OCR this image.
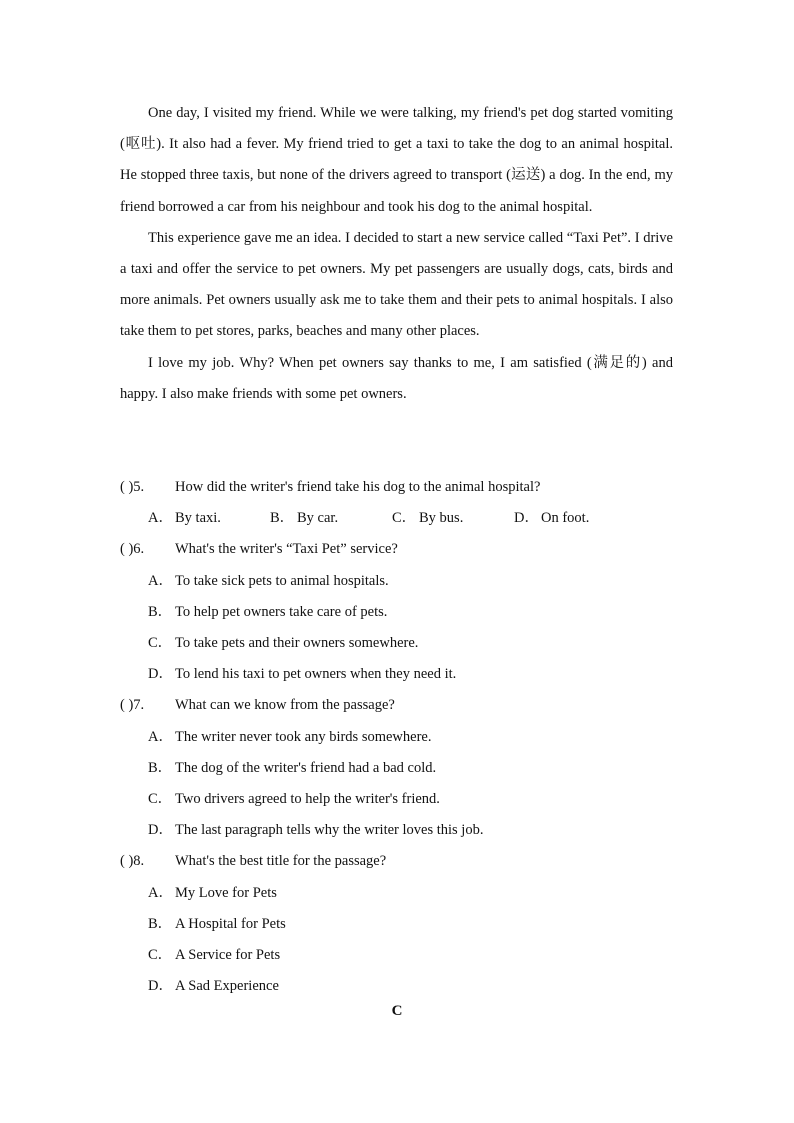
One day, I visited my friend. While we were talking, my friend's pet dog started vomiting (呕吐). It also had a fever. My friend tried to get a taxi to take the dog to an animal hospital. He stopped three taxis, but none of the drivers agreed to transport (运送) a dog. In the end, my friend borrowed a car from his neighbour and took his dog to the animal hospital.

This experience gave me an idea. I decided to start a new service called “Taxi Pet”. I drive a taxi and offer the service to pet owners. My pet passengers are usually dogs, cats, birds and more animals. Pet owners usually ask me to take them and their pets to animal hospitals. I also take them to pet stores, parks, beaches and many other places.

I love my job. Why? When pet owners say thanks to me, I am satisfied (满足的) and happy. I also make friends with some pet owners.

( )5.	How did the writer's friend take his dog to the animal hospital?
A． By taxi.	B． By car.	C． By bus.	D． On foot.
( )6.	What's the writer's “Taxi Pet” service?
A． To take sick pets to animal hospitals.
B． To help pet owners take care of pets.
C． To take pets and their owners somewhere.
D． To lend his taxi to pet owners when they need it.
( )7.	What can we know from the passage?
A． The writer never took any birds somewhere.
B． The dog of the writer's friend had a bad cold.
C． Two drivers agreed to help the writer's friend.
D． The last paragraph tells why the writer loves this job.
( )8.	What's the best title for the passage?
A． My Love for Pets
B． A Hospital for Pets
C． A Service for Pets
D． A Sad Experience
C
